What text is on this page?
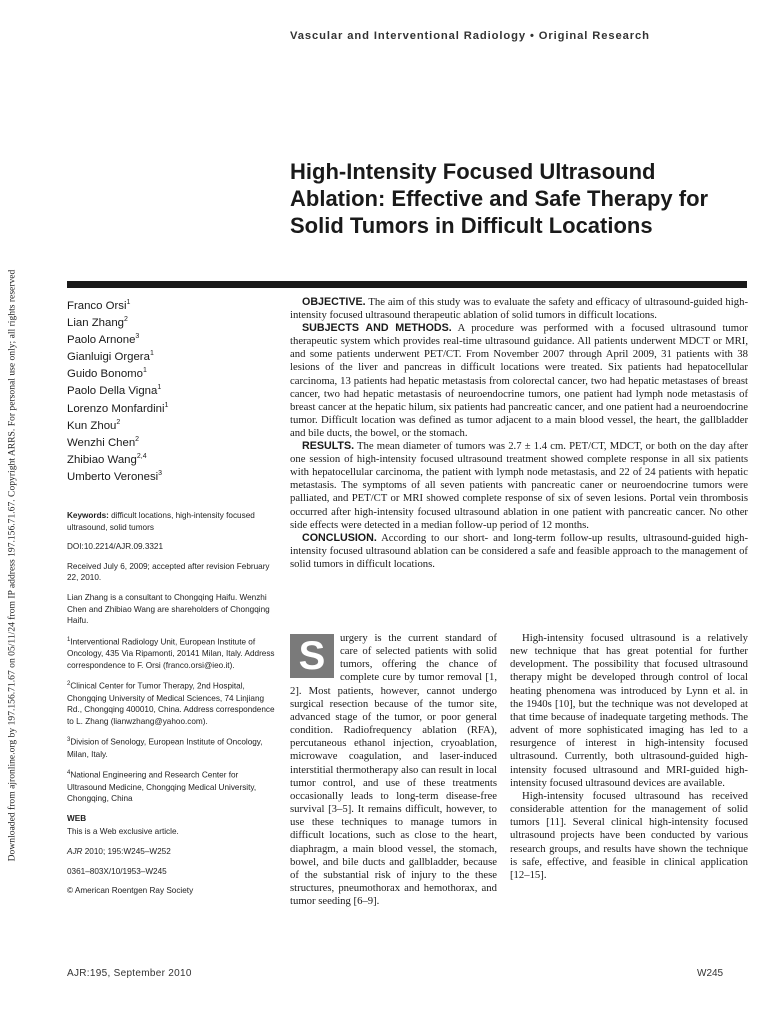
Vascular and Interventional Radiology • Original Research
Downloaded from ajronline.org by 197.156.71.67 on 05/11/24 from IP address 197.156.71.67. Copyright ARRS. For personal use only; all rights reserved
High-Intensity Focused Ultrasound Ablation: Effective and Safe Therapy for Solid Tumors in Difficult Locations
Franco Orsi$^1$
Lian Zhang$^2$
Paolo Arnone$^3$
Gianluigi Orgera$^1$
Guido Bonomo$^1$
Paolo Della Vigna$^1$
Lorenzo Monfardini$^1$
Kun Zhou$^2$
Wenzhi Chen$^2$
Zhibiao Wang$^{2,4}$
Umberto Veronesi$^3$

Keywords: difficult locations, high-intensity focused ultrasound, solid tumors

DOI:10.2214/AJR.09.3321

Received July 6, 2009; accepted after revision February 22, 2010.

Lian Zhang is a consultant to Chongqing Haifu. Wenzhi Chen and Zhibiao Wang are shareholders of Chongqing Haifu.

$^1$Interventional Radiology Unit, European Institute of Oncology, 435 Via Ripamonti, 20141 Milan, Italy. Address correspondence to F. Orsi (franco.orsi@ieo.it).

$^2$Clinical Center for Tumor Therapy, 2nd Hospital, Chongqing University of Medical Sciences, 74 Linjiang Rd., Chongqing 400010, China. Address correspondence to L. Zhang (lianwzhang@yahoo.com).

$^3$Division of Senology, European Institute of Oncology, Milan, Italy.

$^4$National Engineering and Research Center for Ultrasound Medicine, Chongqing Medical University, Chongqing, China

WEB

This is a Web exclusive article.

AJR 2010; 195:W245–W252

0361–803X/10/1953–W245

© American Roentgen Ray Society

OBJECTIVE. The aim of this study was to evaluate the safety and efficacy of ultrasound-guided high-intensity focused ultrasound therapeutic ablation of solid tumors in difficult locations.

SUBJECTS AND METHODS. A procedure was performed with a focused ultrasound tumor therapeutic system which provides real-time ultrasound guidance. All patients underwent MDCT or MRI, and some patients underwent PET/CT. From November 2007 through April 2009, 31 patients with 38 lesions of the liver and pancreas in difficult locations were treated. Six patients had hepatocellular carcinoma, 13 patients had hepatic metastasis from colorectal cancer, two had hepatic metastases of breast cancer, two had hepatic metastasis of neuroendocrine tumors, one patient had lymph node metastasis of breast cancer at the hepatic hilum, six patients had pancreatic cancer, and one patient had a neuroendocrine tumor. Difficult location was defined as tumor adjacent to a main blood vessel, the heart, the gallbladder and bile ducts, the bowel, or the stomach.

RESULTS. The mean diameter of tumors was 2.7 ± 1.4 cm. PET/CT, MDCT, or both on the day after one session of high-intensity focused ultrasound treatment showed complete response in all six patients with hepatocellular carcinoma, the patient with lymph node metastasis, and 22 of 24 patients with hepatic metastasis. The symptoms of all seven patients with pancreatic caner or neuroendocrine tumors were palliated, and PET/CT or MRI showed complete response of six of seven lesions. Portal vein thrombosis occurred after high-intensity focused ultrasound ablation in one patient with pancreatic cancer. No other side effects were detected in a median follow-up period of 12 months.

CONCLUSION. According to our short- and long-term follow-up results, ultrasound-guided high-intensity focused ultrasound ablation can be considered a safe and feasible approach to the management of solid tumors in difficult locations.

S	urgery is the current standard of care of selected patients with solid tumors, offering the chance of complete cure by tumor removal [1, 2]. Most patients, however, cannot undergo surgical resection because of the tumor site, advanced stage of the tumor, or poor general condition. Radiofrequency ablation (RFA), percutaneous ethanol injection, cryoablation, microwave coagulation, and laser-induced interstitial thermotherapy also can result in local tumor control, and use of these treatments occasionally leads to long-term disease-free survival [3–5]. It remains difficult, however, to use these techniques to manage tumors in difficult locations, such as close to the heart, diaphragm, a main blood vessel, the stomach, bowel, and bile ducts and gallbladder, because of the substantial risk of injury to the these structures, pneumothorax and hemothorax, and tumor seeding [6–9].

High-intensity focused ultrasound is a relatively new technique that has great potential for further development. The possibility that focused ultrasound therapy might be developed through control of local heating phenomena was introduced by Lynn et al. in the 1940s [10], but the technique was not developed at that time because of inadequate targeting methods. The advent of more sophisticated imaging has led to a resurgence of interest in high-intensity focused ultrasound. Currently, both ultrasound-guided high-intensity focused ultrasound and MRI-guided high-intensity focused ultrasound devices are available.

High-intensity focused ultrasound has received considerable attention for the management of solid tumors [11]. Several clinical high-intensity focused ultrasound projects have been conducted by various research groups, and results have shown the technique is safe, effective, and feasible in clinical application [12–15].

AJR:195, September 2010	W245
